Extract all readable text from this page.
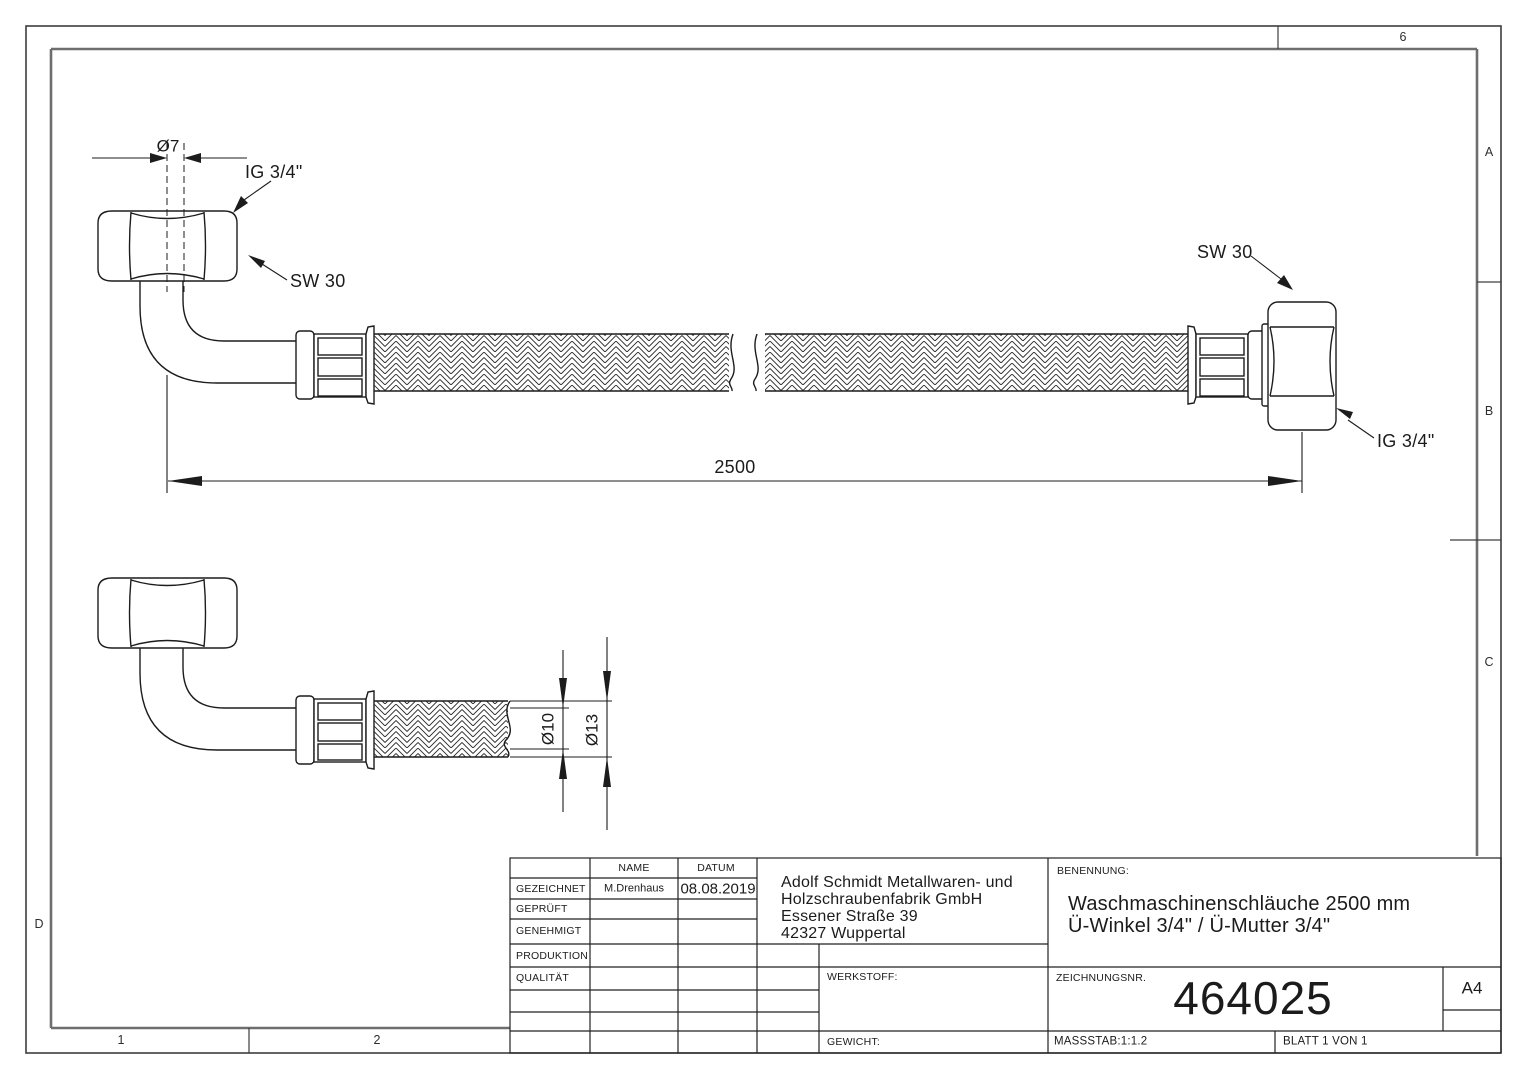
6
A
B
C
D
1	2
Ø7
IG 3/4"
SW 30
SW 30
IG 3/4"
2500
Ø10 Ø13
NAME	DATUM
GEZEICHNET M.Drenhaus 08.08.2019
GEPRÜFT
GENEHMIGT
PRODUKTION
QUALITÄT
Adolf Schmidt Metallwaren- und
Holzschraubenfabrik GmbH
Essener Straße 39
42327 Wuppertal
BENENNUNG:
Waschmaschinenschläuche 2500 mm
Ü-Winkel 3/4" / Ü-Mutter 3/4"
WERKSTOFF:
GEWICHT:
ZEICHNUNGSNR. 464025	A4
MASSSTAB:1:1.2	BLATT 1 VON 1
